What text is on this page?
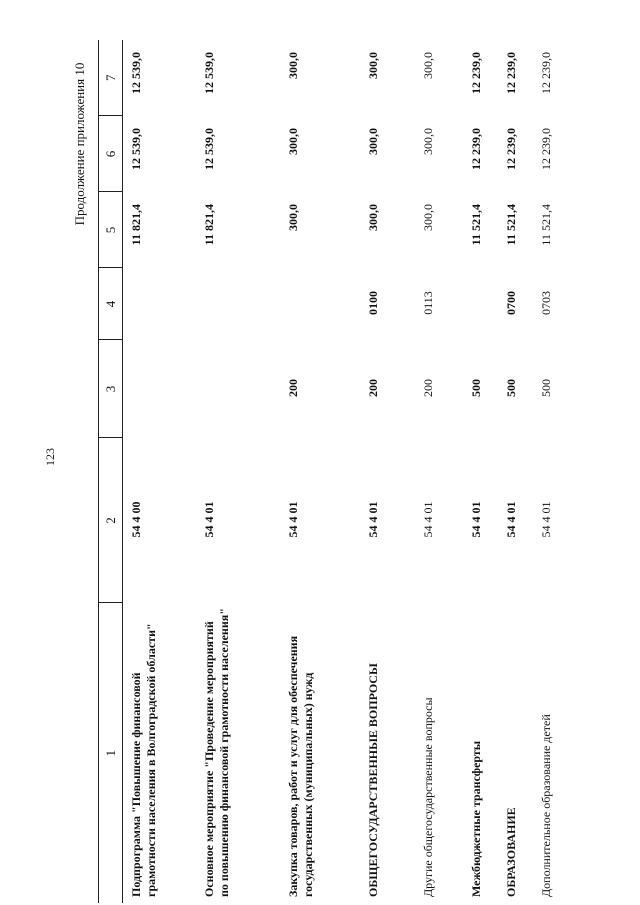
123
Продолжение приложения 10
1	2	3	4	5	6	7
Подпрограмма "Повышение финансовой грамотности населения в Волгоградской области"	54 4 00			11 821,4	12 539,0	12 539,0
Основное мероприятие "Проведение мероприятий по повышению финансовой грамотности населения"	54 4 01			11 821,4	12 539,0	12 539,0
Закупка товаров, работ и услуг для обеспечения государственных (муниципальных) нужд	54 4 01	200		300,0	300,0	300,0
ОБЩЕГОСУДАРСТВЕННЫЕ ВОПРОСЫ	54 4 01	200	0100	300,0	300,0	300,0
Другие общегосударственные вопросы	54 4 01	200	0113	300,0	300,0	300,0
Межбюджетные трансферты	54 4 01	500		11 521,4	12 239,0	12 239,0
ОБРАЗОВАНИЕ	54 4 01	500	0700	11 521,4	12 239,0	12 239,0
Дополнительное образование детей	54 4 01	500	0703	11 521,4	12 239,0	12 239,0
